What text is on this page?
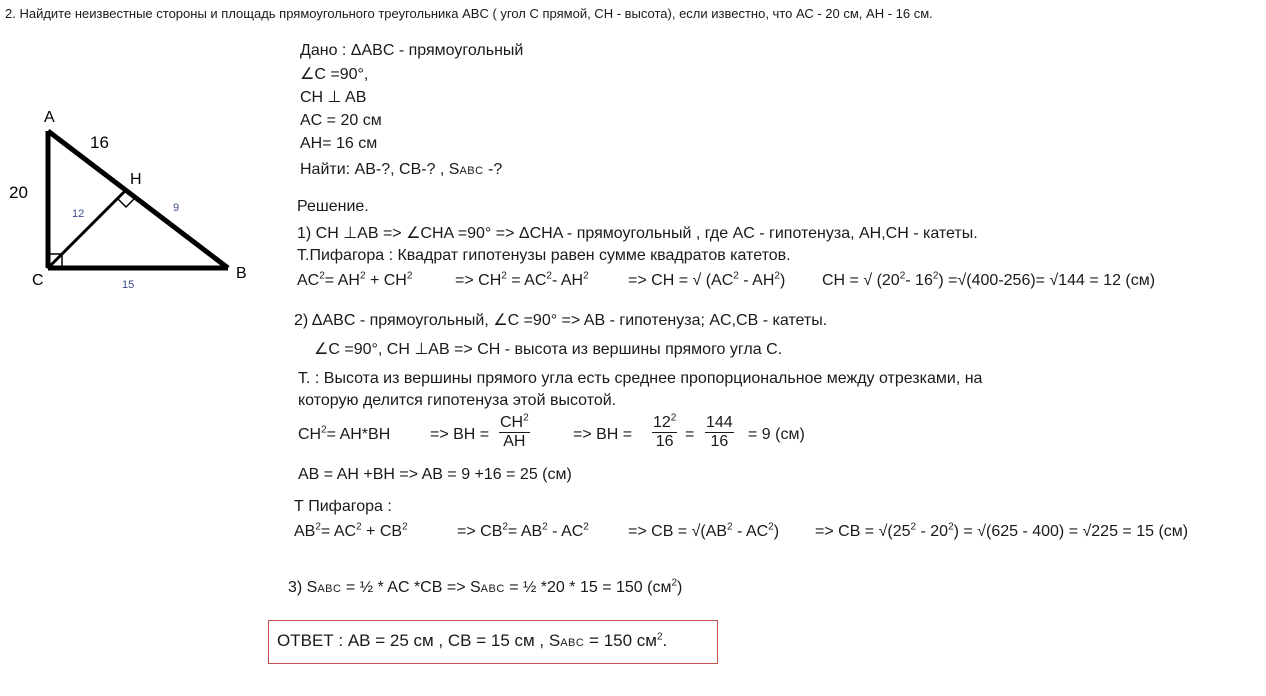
2. Найдите неизвестные стороны и площадь прямоугольного треугольника ABC ( угол С прямой, СН - высота), если известно, что АС - 20 см, АН - 16 см.
A
H
C	B
16
20
12	9
15
Дано : ΔABC - прямоугольный
∠C =90°,
CH ⊥ AB
AC = 20 см
AH= 16 см
Найти: AB-?, CB-? , SABC -?
Решение.
1) CH ⊥AB => ∠CHA =90° => ΔCHA - прямоугольный , где AC - гипотенуза, AH,CH - катеты.
Т.Пифагора : Квадрат гипотенузы равен сумме квадратов катетов.
$AC^2= AH^2 + CH^2$	=> $CH^2 = AC^2-$ $AH^2$ => CH = √ $(AC^2 - AH^2)$ CH = √ ($20^2-$ $16^2) =√(400-256)= √144 = 12$ (см)
2) ΔABC - прямоугольный, ∠C =90° => AB - гипотенуза; AC,CB - катеты.
∠C =90°, CH ⊥AB => CH - высота из вершины прямого угла С.
Т. : Высота из вершины прямого угла есть среднее пропорциональное между отрезками, на
которую делится гипотенуза этой высотой.
$CH^2= AH*BH$ => BH = $\frac{CH^2}{AH}$	=> BH = $\frac{12^2}{16} = \frac{144}{16} = 9$ (см)
AB = AH +BH => AB = 9 +16 = 25 (см)
Т Пифагора :
$AB^2= AC^2 + CB^2$	=> $CB^2= AB^2 - AC^2$ => CB = $√(AB^2 - AC^2)$ => CB = $√(25^2 - 20^2) = √(625 - 400) = √225 = 15$ (см)
3) SABC = ½ * AC *CB => SABC = ½ *20 * 15 = 150 $(см^2)$
ОТВЕТ : AB = 25 см , CB = 15 см , SABC = 150 $см^2$.
